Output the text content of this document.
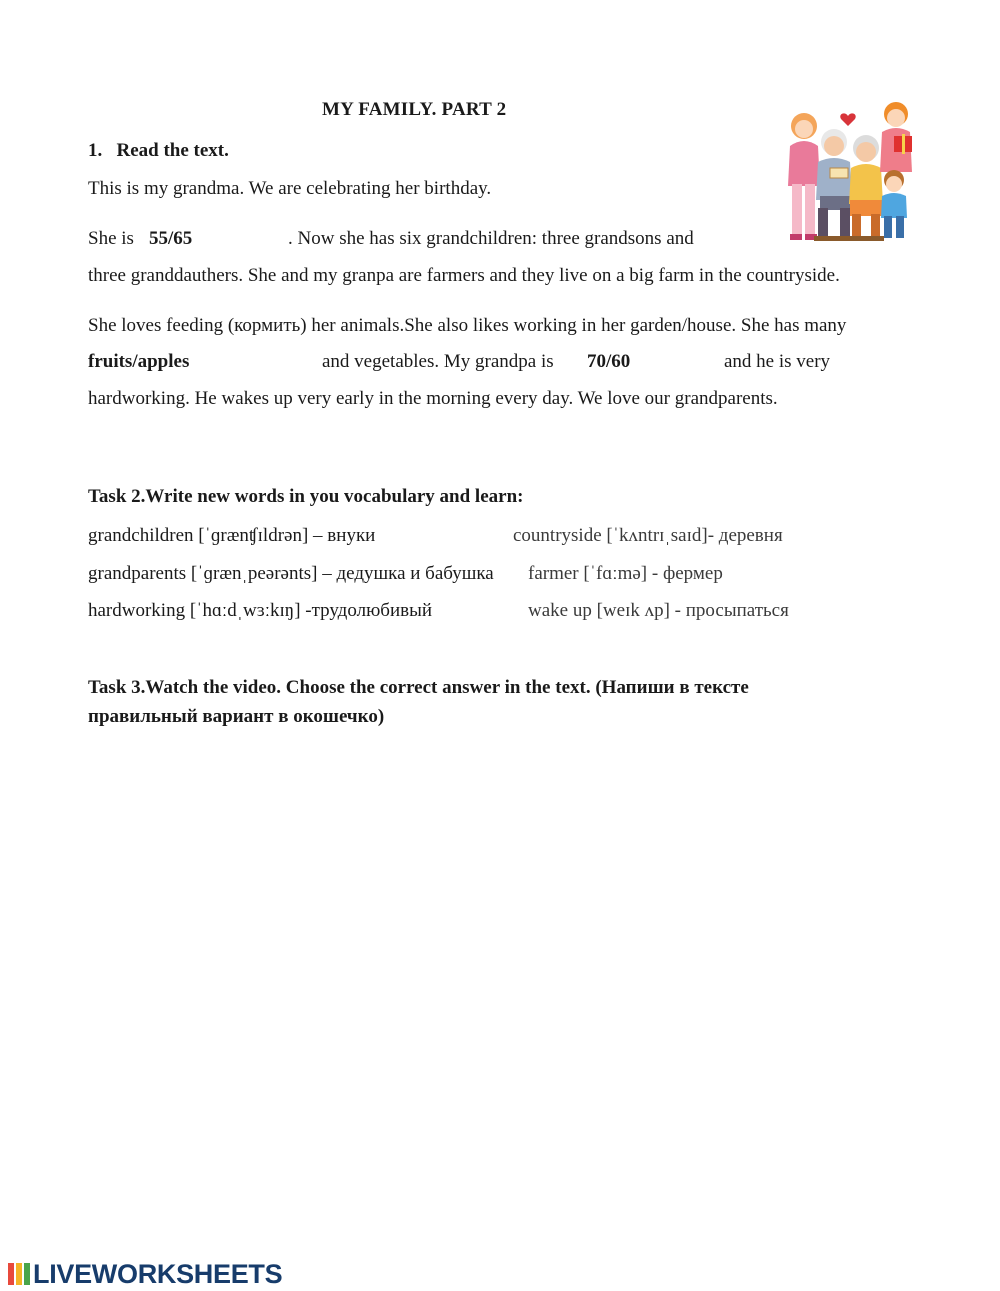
MY FAMILY. PART 2
1. Read the text.
This is my grandma. We are celebrating her birthday.
She is 55/65	. Now she has six grandchildren: three grandsons and
three granddauthers. She and my granpa are farmers and they live on a big farm in the countryside.
She loves feeding (кормить) her animals.She also likes working in her garden/house. She has many
fruits/apples	and vegetables. My grandpa is 70/60	and he is very
hardworking. He wakes up very early in the morning every day. We love our grandparents.
Task 2.Write new words in you vocabulary and learn:
grandchildren [ˈɡrænʧɪldrən] – внуки	countryside [ˈkʌntrɪˌsaɪd]- деревня
grandparents [ˈɡrænˌpeərənts] – дедушка и бабушка farmer [ˈfɑːmə] - фермер
hardworking [ˈhɑːdˌwɜːkɪŋ] -трудолюбивый	wake up [weɪk ʌp] - просыпаться
Task 3.Watch the video. Choose the correct answer in the text. (Напиши в тексте
правильный вариант в окошечко)
LIVEWORKSHEETS
